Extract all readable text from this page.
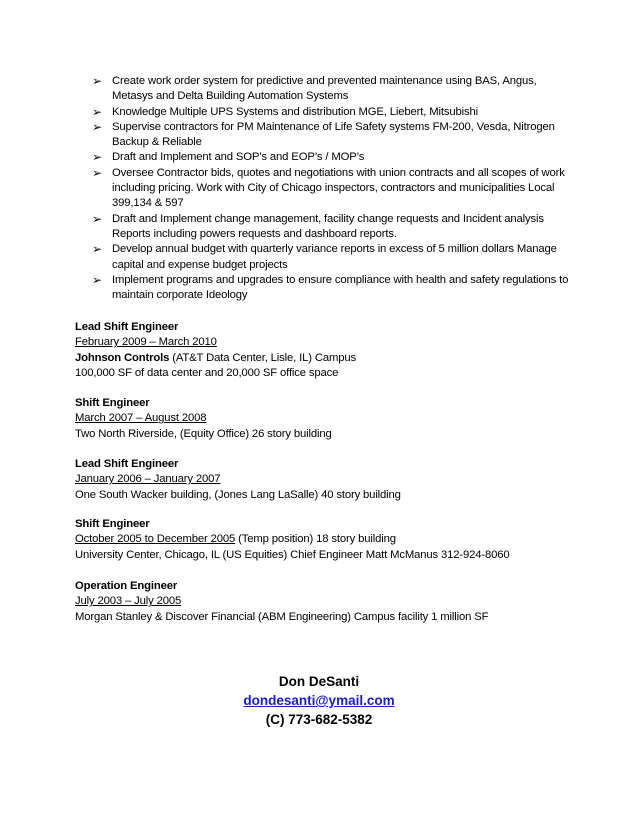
➢ Create work order system for predictive and prevented maintenance using BAS, Angus, Metasys and Delta Building Automation Systems
➢ Knowledge Multiple UPS Systems and distribution MGE, Liebert, Mitsubishi
➢ Supervise contractors for PM Maintenance of Life Safety systems FM-200, Vesda, Nitrogen Backup & Reliable
➢ Draft and Implement and SOP’s and EOP’s / MOP’s
➢ Oversee Contractor bids, quotes and negotiations with union contracts and all scopes of work including pricing. Work with City of Chicago inspectors, contractors and municipalities Local 399,134 & 597
➢ Draft and Implement change management, facility change requests and Incident analysis Reports including powers requests and dashboard reports.
➢ Develop annual budget with quarterly variance reports in excess of 5 million dollars Manage capital and expense budget projects
➢ Implement programs and upgrades to ensure compliance with health and safety regulations to maintain corporate Ideology
Lead Shift Engineer
February 2009 – March 2010
Johnson Controls (AT&T Data Center, Lisle, IL) Campus
100,000 SF of data center and 20,000 SF office space
Shift Engineer
March 2007 – August 2008
Two North Riverside, (Equity Office) 26 story building
Lead Shift Engineer
January 2006 – January 2007
One South Wacker building, (Jones Lang LaSalle) 40 story building
Shift Engineer
October 2005 to December 2005 (Temp position) 18 story building
University Center, Chicago, IL (US Equities) Chief Engineer Matt McManus 312-924-8060
Operation Engineer
July 2003 – July 2005
Morgan Stanley & Discover Financial (ABM Engineering) Campus facility 1 million SF
Don DeSanti
dondesanti@ymail.com
(C) 773-682-5382
